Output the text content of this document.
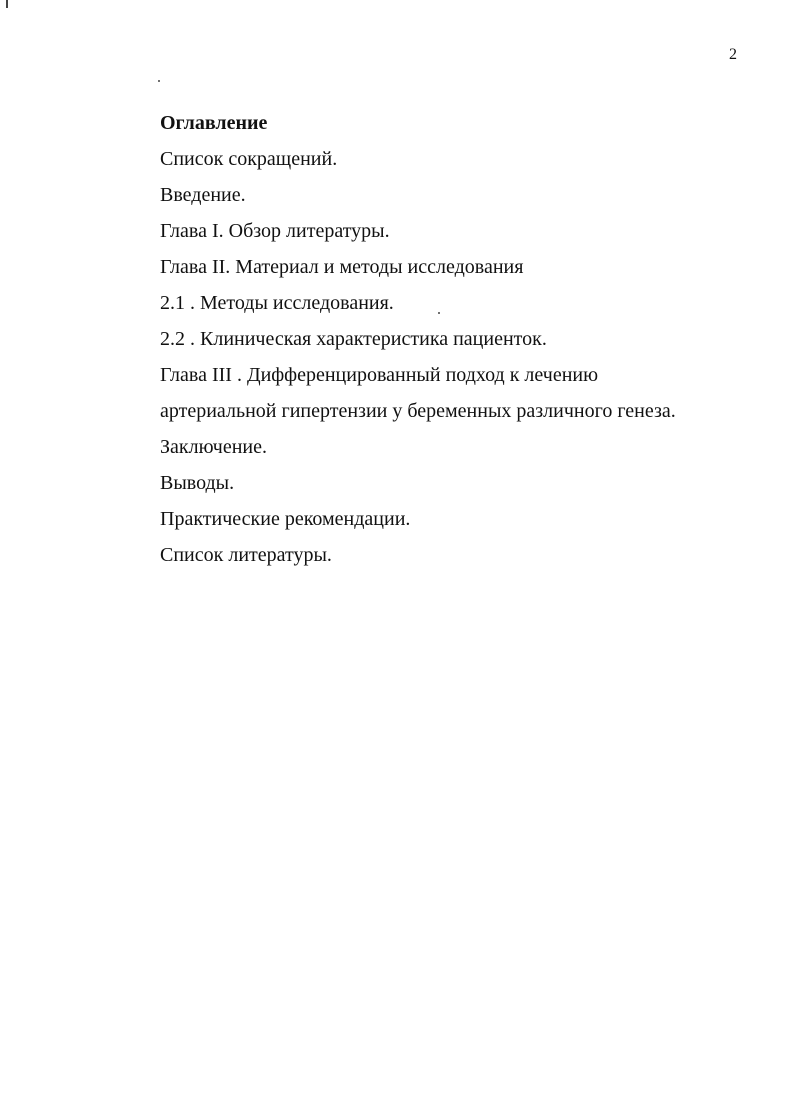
2
Оглавление
Список сокращений.
Введение.
Глава I. Обзор литературы.
Глава II. Материал и методы исследования
2.1 . Методы исследования.
2.2 . Клиническая характеристика пациенток.
Глава III . Дифференцированный подход к лечению
артериальной гипертензии у беременных различного генеза.
Заключение.
Выводы.
Практические рекомендации.
Список литературы.
